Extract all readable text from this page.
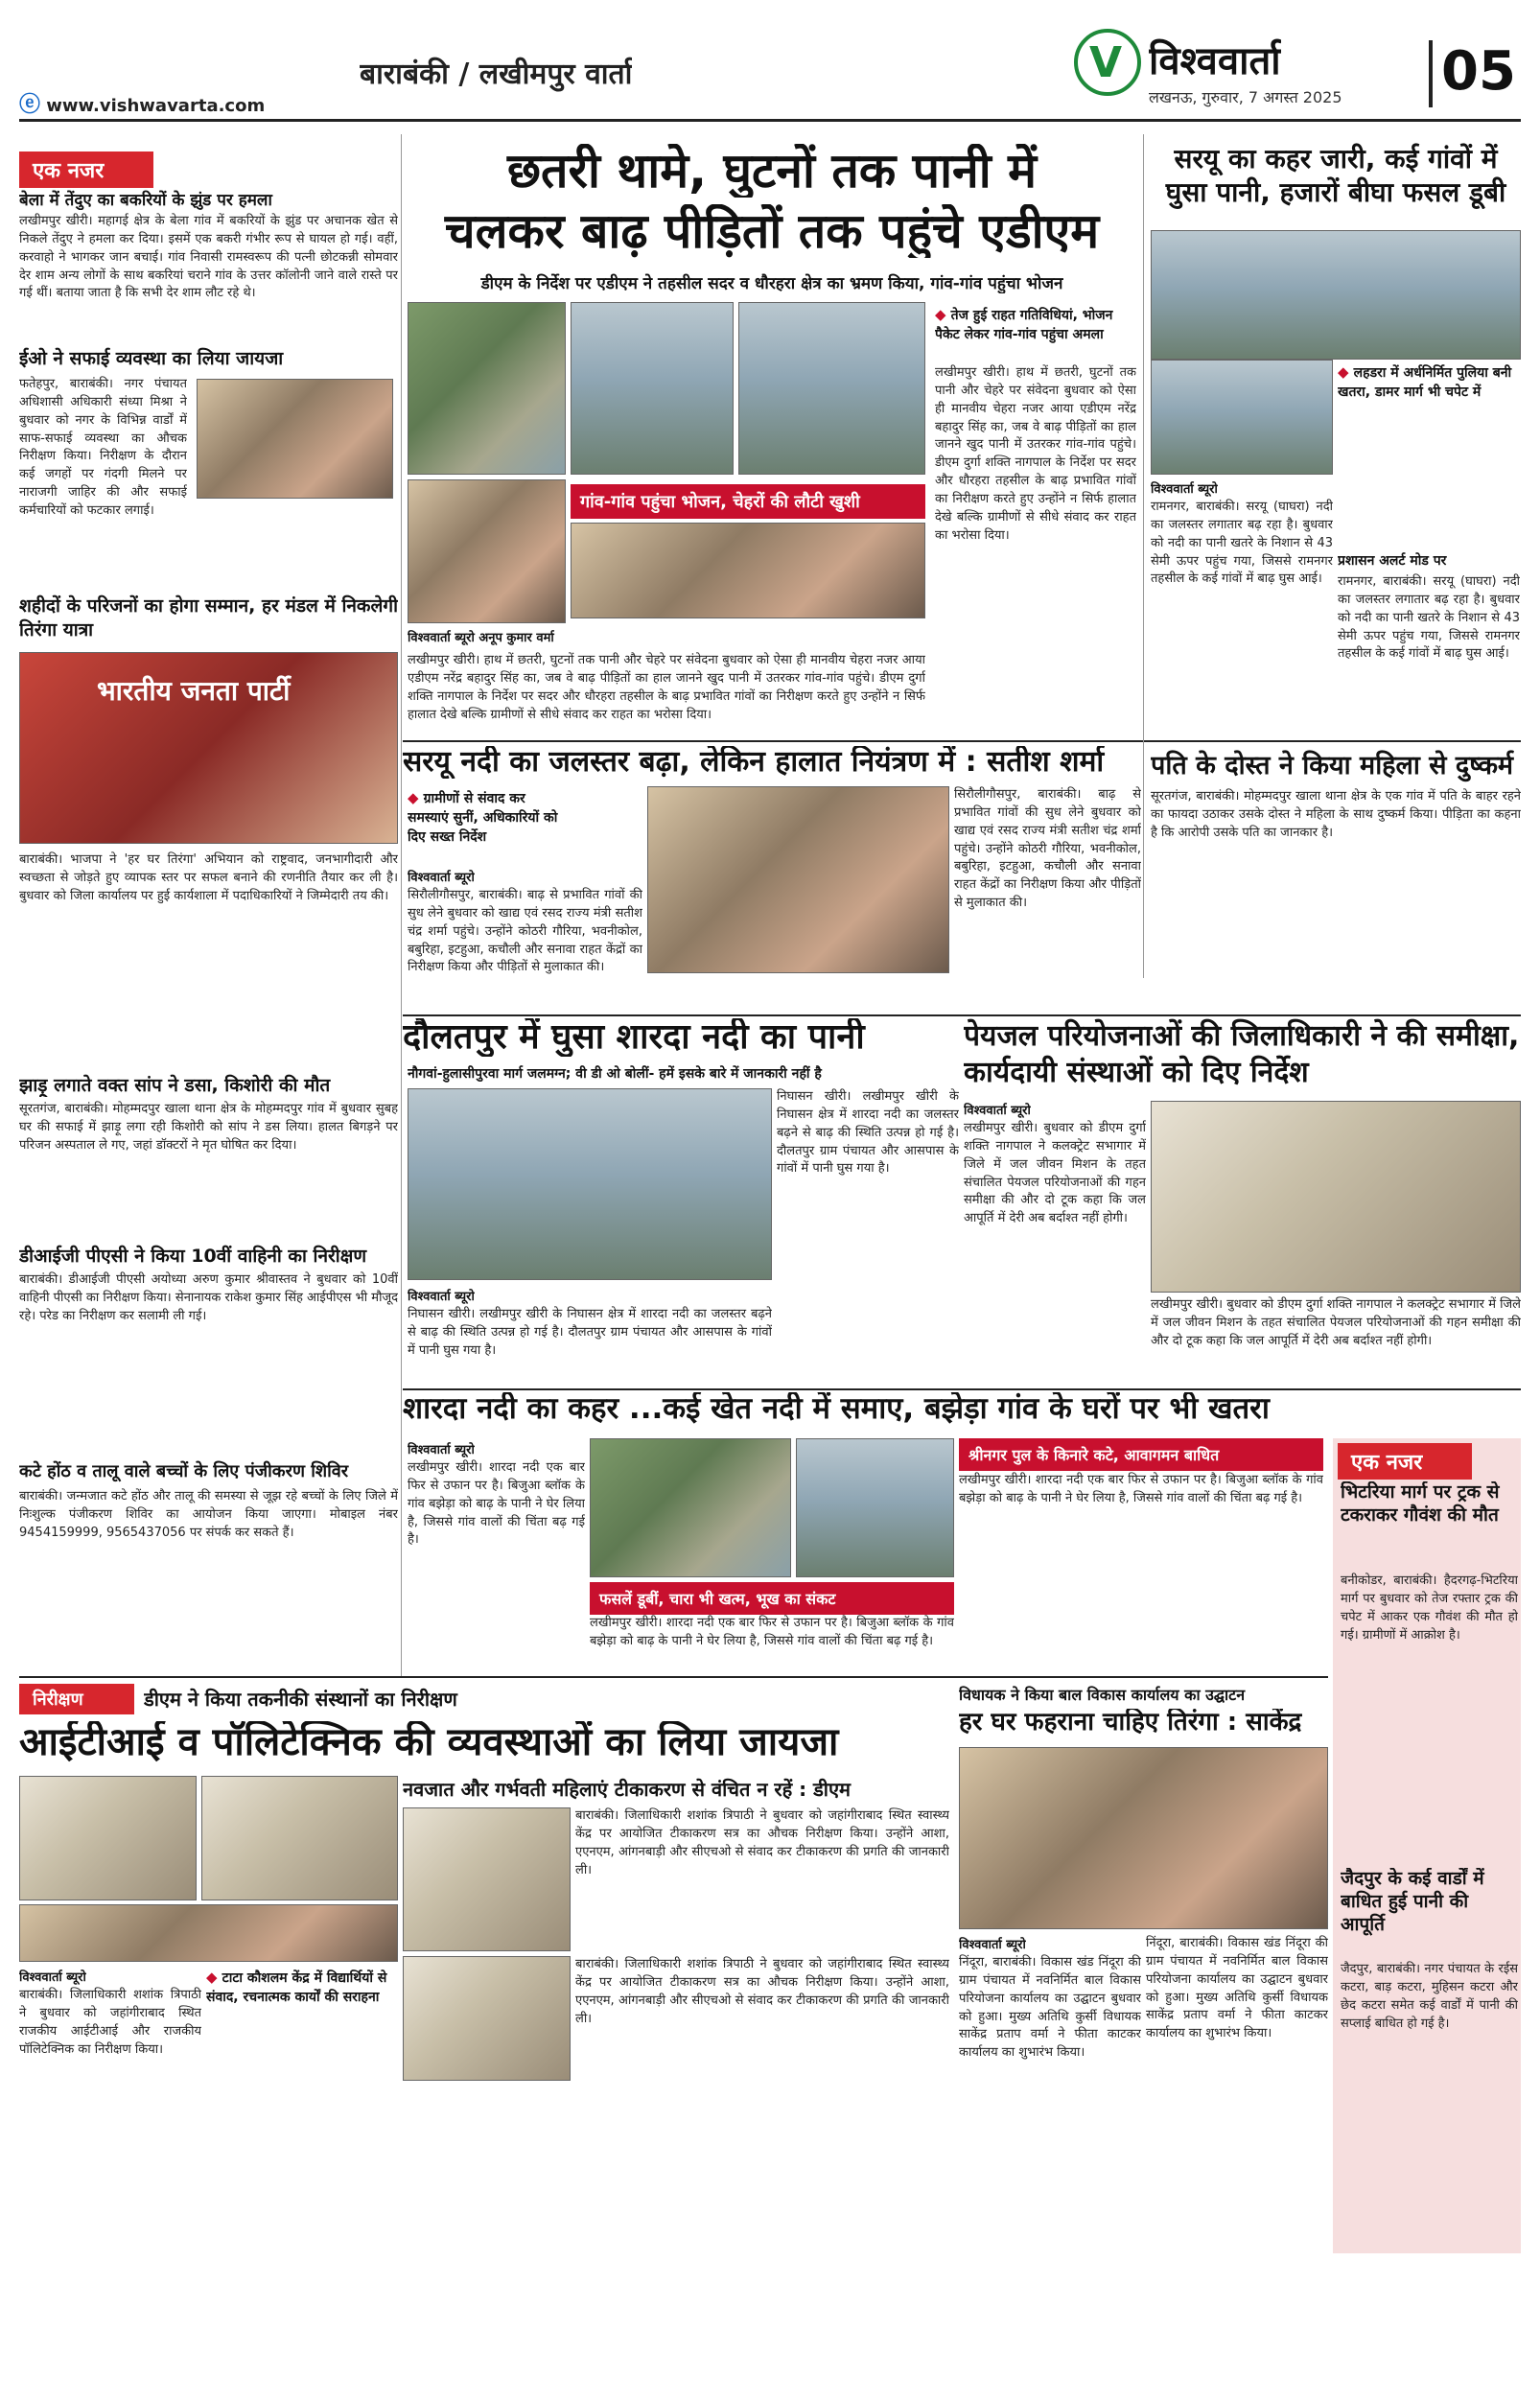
ⓔ www.vishwavarta.com
बाराबंकी / लखीमपुर वार्ता	V विश्ववार्ता
लखनऊ, गुरुवार, 7 अगस्त 2025 05
एक नजर
बेला में तेंदुए का बकरियों के झुंड पर हमला
लखीमपुर खीरी। महागई क्षेत्र के बेला गांव में बकरियों के झुंड पर अचानक खेत से निकले तेंदुए ने हमला कर दिया। इसमें एक बकरी गंभीर रूप से घायल हो गई। वहीं, करवाहो ने भागकर जान बचाई। गांव निवासी रामस्वरूप की पत्नी छोटकन्नी सोमवार देर शाम अन्य लोगों के साथ बकरियां चराने गांव के उत्तर कॉलोनी जाने वाले रास्ते पर गई थीं। बताया जाता है कि सभी देर शाम लौट रहे थे।
ईओ ने सफाई व्यवस्था का लिया जायजा
फतेहपुर, बाराबंकी। नगर पंचायत अधिशासी अधिकारी संध्या मिश्रा ने बुधवार को नगर के विभिन्न वार्डों में साफ-सफाई व्यवस्था का औचक निरीक्षण किया। निरीक्षण के दौरान कई जगहों पर गंदगी मिलने पर नाराजगी जाहिर की और सफाई कर्मचारियों को फटकार लगाई।
शहीदों के परिजनों का होगा सम्मान, हर मंडल में निकलेगी तिरंगा यात्रा
भारतीय जनता पार्टी
बाराबंकी। भाजपा ने 'हर घर तिरंगा' अभियान को राष्ट्रवाद, जनभागीदारी और स्वच्छता से जोड़ते हुए व्यापक स्तर पर सफल बनाने की रणनीति तैयार कर ली है। बुधवार को जिला कार्यालय पर हुई कार्यशाला में पदाधिकारियों ने जिम्मेदारी तय की।
झाड़ू लगाते वक्त सांप ने डसा, किशोरी की मौत
सूरतगंज, बाराबंकी। मोहम्मदपुर खाला थाना क्षेत्र के मोहम्मदपुर गांव में बुधवार सुबह घर की सफाई में झाड़ू लगा रही किशोरी को सांप ने डस लिया। हालत बिगड़ने पर परिजन अस्पताल ले गए, जहां डॉक्टरों ने मृत घोषित कर दिया।
डीआईजी पीएसी ने किया 10वीं वाहिनी का निरीक्षण
बाराबंकी। डीआईजी पीएसी अयोध्या अरुण कुमार श्रीवास्तव ने बुधवार को 10वीं वाहिनी पीएसी का निरीक्षण किया। सेनानायक राकेश कुमार सिंह आईपीएस भी मौजूद रहे। परेड का निरीक्षण कर सलामी ली गई।
कटे होंठ व तालू वाले बच्चों के लिए पंजीकरण शिविर
बाराबंकी। जन्मजात कटे होंठ और तालू की समस्या से जूझ रहे बच्चों के लिए जिले में निःशुल्क पंजीकरण शिविर का आयोजन किया जाएगा। मोबाइल नंबर 9454159999, 9565437056 पर संपर्क कर सकते हैं।
छतरी थामे, घुटनों तक पानी में
चलकर बाढ़ पीड़ितों तक पहुंचे एडीएम
डीएम के निर्देश पर एडीएम ने तहसील सदर व धौरहरा क्षेत्र का भ्रमण किया, गांव-गांव पहुंचा भोजन
◆ तेज हुई राहत गतिविधियां, भोजन पैकेट लेकर गांव-गांव पहुंचा अमला
लखीमपुर खीरी। हाथ में छतरी, घुटनों तक पानी और चेहरे पर संवेदना बुधवार को ऐसा ही मानवीय चेहरा नजर आया एडीएम नरेंद्र बहादुर सिंह का, जब वे बाढ़ पीड़ितों का हाल जानने खुद पानी में उतरकर गांव-गांव पहुंचे। डीएम दुर्गा शक्ति नागपाल के निर्देश पर सदर और धौरहरा तहसील के बाढ़ प्रभावित गांवों का निरीक्षण करते हुए उन्होंने न सिर्फ हालात देखे बल्कि ग्रामीणों से सीधे संवाद कर राहत का भरोसा दिया।
गांव-गांव पहुंचा भोजन, चेहरों की लौटी खुशी
विश्ववार्ता ब्यूरो अनूप कुमार वर्मा
लखीमपुर खीरी। हाथ में छतरी, घुटनों तक पानी और चेहरे पर संवेदना बुधवार को ऐसा ही मानवीय चेहरा नजर आया एडीएम नरेंद्र बहादुर सिंह का, जब वे बाढ़ पीड़ितों का हाल जानने खुद पानी में उतरकर गांव-गांव पहुंचे। डीएम दुर्गा शक्ति नागपाल के निर्देश पर सदर और धौरहरा तहसील के बाढ़ प्रभावित गांवों का निरीक्षण करते हुए उन्होंने न सिर्फ हालात देखे बल्कि ग्रामीणों से सीधे संवाद कर राहत का भरोसा दिया।
सरयू नदी का जलस्तर बढ़ा, लेकिन हालात नियंत्रण में : सतीश शर्मा
◆ ग्रामीणों से संवाद कर समस्याएं सुनीं, अधिकारियों को दिए सख्त निर्देश
विश्ववार्ता ब्यूरो
सिरौलीगौसपुर, बाराबंकी। बाढ़ से प्रभावित गांवों की सुध लेने बुधवार को खाद्य एवं रसद राज्य मंत्री सतीश चंद्र शर्मा पहुंचे। उन्होंने कोठरी गौरिया, भवनीकोल, बबुरिहा, इटहुआ, कचौली और सनावा राहत केंद्रों का निरीक्षण किया और पीड़ितों से मुलाकात की।
सिरौलीगौसपुर, बाराबंकी। बाढ़ से प्रभावित गांवों की सुध लेने बुधवार को खाद्य एवं रसद राज्य मंत्री सतीश चंद्र शर्मा पहुंचे। उन्होंने कोठरी गौरिया, भवनीकोल, बबुरिहा, इटहुआ, कचौली और सनावा राहत केंद्रों का निरीक्षण किया और पीड़ितों से मुलाकात की।
सरयू का कहर जारी, कई गांवों में घुसा पानी, हजारों बीघा फसल डूबी
◆ लहडरा में अर्धनिर्मित पुलिया बनी खतरा, डामर मार्ग भी चपेट में
विश्ववार्ता ब्यूरो
रामनगर, बाराबंकी। सरयू (घाघरा) नदी का जलस्तर लगातार बढ़ रहा है। बुधवार को नदी का पानी खतरे के निशान से 43 सेमी ऊपर पहुंच गया, जिससे रामनगर तहसील के कई गांवों में बाढ़ घुस आई।
प्रशासन अलर्ट मोड पर
रामनगर, बाराबंकी। सरयू (घाघरा) नदी का जलस्तर लगातार बढ़ रहा है। बुधवार को नदी का पानी खतरे के निशान से 43 सेमी ऊपर पहुंच गया, जिससे रामनगर तहसील के कई गांवों में बाढ़ घुस आई।
पति के दोस्त ने किया महिला से दुष्कर्म
सूरतगंज, बाराबंकी। मोहम्मदपुर खाला थाना क्षेत्र के एक गांव में पति के बाहर रहने का फायदा उठाकर उसके दोस्त ने महिला के साथ दुष्कर्म किया। पीड़िता का कहना है कि आरोपी उसके पति का जानकार है।
दौलतपुर में घुसा शारदा नदी का पानी
नौगवां-हुलासीपुरवा मार्ग जलमग्न; वी डी ओ बोलीं- हमें इसके बारे में जानकारी नहीं है
विश्ववार्ता ब्यूरो
निघासन खीरी। लखीमपुर खीरी के निघासन क्षेत्र में शारदा नदी का जलस्तर बढ़ने से बाढ़ की स्थिति उत्पन्न हो गई है। दौलतपुर ग्राम पंचायत और आसपास के गांवों में पानी घुस गया है।
निघासन खीरी। लखीमपुर खीरी के निघासन क्षेत्र में शारदा नदी का जलस्तर बढ़ने से बाढ़ की स्थिति उत्पन्न हो गई है। दौलतपुर ग्राम पंचायत और आसपास के गांवों में पानी घुस गया है।
पेयजल परियोजनाओं की जिलाधिकारी ने की समीक्षा, कार्यदायी संस्थाओं को दिए निर्देश
विश्ववार्ता ब्यूरो
लखीमपुर खीरी। बुधवार को डीएम दुर्गा शक्ति नागपाल ने कलक्ट्रेट सभागार में जिले में जल जीवन मिशन के तहत संचालित पेयजल परियोजनाओं की गहन समीक्षा की और दो टूक कहा कि जल आपूर्ति में देरी अब बर्दाश्त नहीं होगी।
लखीमपुर खीरी। बुधवार को डीएम दुर्गा शक्ति नागपाल ने कलक्ट्रेट सभागार में जिले में जल जीवन मिशन के तहत संचालित पेयजल परियोजनाओं की गहन समीक्षा की और दो टूक कहा कि जल आपूर्ति में देरी अब बर्दाश्त नहीं होगी।
शारदा नदी का कहर ...कई खेत नदी में समाए, बझेड़ा गांव के घरों पर भी खतरा
विश्ववार्ता ब्यूरो
लखीमपुर खीरी। शारदा नदी एक बार फिर से उफान पर है। बिजुआ ब्लॉक के गांव बझेड़ा को बाढ़ के पानी ने घेर लिया है, जिससे गांव वालों की चिंता बढ़ गई है।
फसलें डूबीं, चारा भी खत्म, भूख का संकट
लखीमपुर खीरी। शारदा नदी एक बार फिर से उफान पर है। बिजुआ ब्लॉक के गांव बझेड़ा को बाढ़ के पानी ने घेर लिया है, जिससे गांव वालों की चिंता बढ़ गई है।
श्रीनगर पुल के किनारे कटे, आवागमन बाधित
लखीमपुर खीरी। शारदा नदी एक बार फिर से उफान पर है। बिजुआ ब्लॉक के गांव बझेड़ा को बाढ़ के पानी ने घेर लिया है, जिससे गांव वालों की चिंता बढ़ गई है।
एक नजर
भिटरिया मार्ग पर ट्रक से टकराकर गौवंश की मौत
बनीकोडर, बाराबंकी। हैदरगढ़-भिटरिया मार्ग पर बुधवार को तेज रफ्तार ट्रक की चपेट में आकर एक गौवंश की मौत हो गई। ग्रामीणों में आक्रोश है।
जैदपुर के कई वार्डों में बाधित हुई पानी की आपूर्ति
जैदपुर, बाराबंकी। नगर पंचायत के रईस कटरा, बाड़ कटरा, मुहिसन कटरा और छेद कटरा समेत कई वार्डों में पानी की सप्लाई बाधित हो गई है।
निरीक्षण	डीएम ने किया तकनीकी संस्थानों का निरीक्षण
आईटीआई व पॉलिटेक्निक की व्यवस्थाओं का लिया जायजा
विश्ववार्ता ब्यूरो
बाराबंकी। जिलाधिकारी शशांक त्रिपाठी ने बुधवार को जहांगीराबाद स्थित राजकीय आईटीआई और राजकीय पॉलिटेक्निक का निरीक्षण किया।
◆ टाटा कौशलम केंद्र में विद्यार्थियों से संवाद, रचनात्मक कार्यों की सराहना
नवजात और गर्भवती महिलाएं टीकाकरण से वंचित न रहें : डीएम
बाराबंकी। जिलाधिकारी शशांक त्रिपाठी ने बुधवार को जहांगीराबाद स्थित स्वास्थ्य केंद्र पर आयोजित टीकाकरण सत्र का औचक निरीक्षण किया। उन्होंने आशा, एएनएम, आंगनबाड़ी और सीएचओ से संवाद कर टीकाकरण की प्रगति की जानकारी ली।
बाराबंकी। जिलाधिकारी शशांक त्रिपाठी ने बुधवार को जहांगीराबाद स्थित स्वास्थ्य केंद्र पर आयोजित टीकाकरण सत्र का औचक निरीक्षण किया। उन्होंने आशा, एएनएम, आंगनबाड़ी और सीएचओ से संवाद कर टीकाकरण की प्रगति की जानकारी ली।
विधायक ने किया बाल विकास कार्यालय का उद्घाटन
हर घर फहराना चाहिए तिरंगा : साकेंद्र
विश्ववार्ता ब्यूरो
निंदूरा, बाराबंकी। विकास खंड निंदूरा की ग्राम पंचायत में नवनिर्मित बाल विकास परियोजना कार्यालय का उद्घाटन बुधवार को हुआ। मुख्य अतिथि कुर्सी विधायक साकेंद्र प्रताप वर्मा ने फीता काटकर कार्यालय का शुभारंभ किया।
निंदूरा, बाराबंकी। विकास खंड निंदूरा की ग्राम पंचायत में नवनिर्मित बाल विकास परियोजना कार्यालय का उद्घाटन बुधवार को हुआ। मुख्य अतिथि कुर्सी विधायक साकेंद्र प्रताप वर्मा ने फीता काटकर कार्यालय का शुभारंभ किया।
